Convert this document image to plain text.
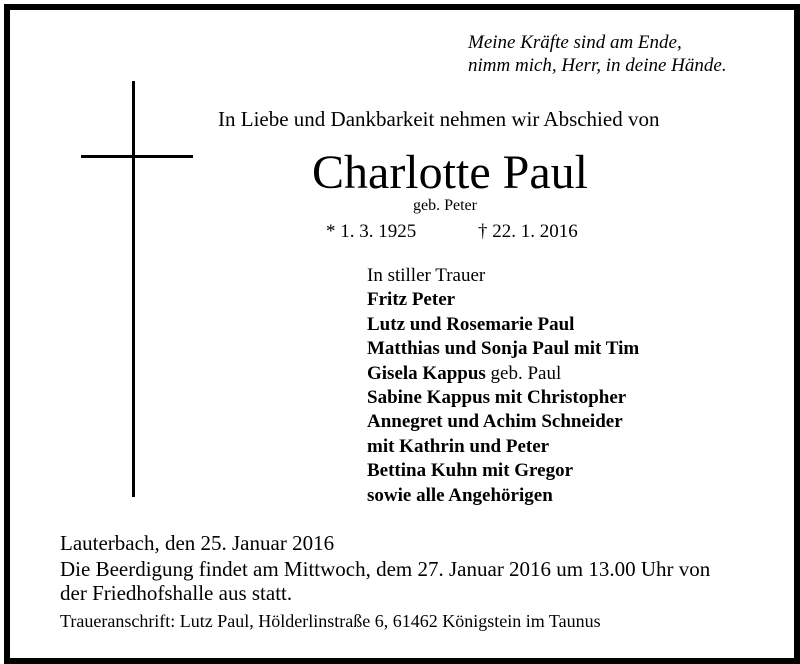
Meine Kräfte sind am Ende,
nimm mich, Herr, in deine Hände.
In Liebe und Dankbarkeit nehmen wir Abschied von
Charlotte Paul
geb. Peter
* 1. 3. 1925	† 22. 1. 2016
In stiller Trauer
Fritz Peter
Lutz und Rosemarie Paul
Matthias und Sonja Paul mit Tim
Gisela Kappus geb. Paul
Sabine Kappus mit Christopher
Annegret und Achim Schneider
mit Kathrin und Peter
Bettina Kuhn mit Gregor
sowie alle Angehörigen
Lauterbach, den 25. Januar 2016
Die Beerdigung findet am Mittwoch, dem 27. Januar 2016 um 13.00 Uhr von
der Friedhofshalle aus statt.
Traueranschrift: Lutz Paul, Hölderlinstraße 6, 61462 Königstein im Taunus
